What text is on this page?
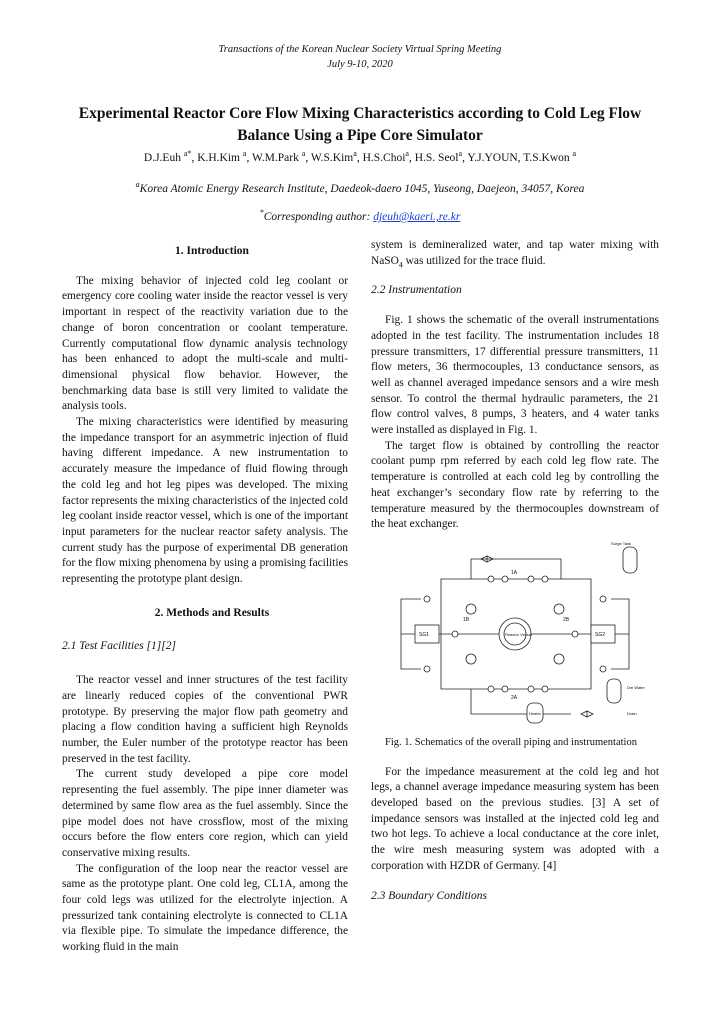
Transactions of the Korean Nuclear Society Virtual Spring Meeting
July 9-10, 2020
Experimental Reactor Core Flow Mixing Characteristics according to Cold Leg Flow Balance Using a Pipe Core Simulator
D.J.Euh $^{a*}$, K.H.Kim $^a$, W.M.Park $^a$, W.S.Kim$^a$, H.S.Choi$^a$, H.S. Seol$^a$, Y.J.YOUN, T.S.Kwon $^a$
$^a$Korea Atomic Energy Research Institute, Daedeok-daero 1045, Yuseong, Daejeon, 34057, Korea
*Corresponding author: djeuh@kaeri.,re.kr

1. Introduction

The mixing behavior of injected cold leg coolant or emergency core cooling water inside the reactor vessel is very important in respect of the reactivity variation due to the change of boron concentration or coolant temperature. Currently computational flow dynamic analysis technology has been enhanced to adopt the multi-scale and multi-dimensional physical flow behavior. However, the benchmarking data base is still very limited to validate the analysis tools.

The mixing characteristics were identified by measuring the impedance transport for an asymmetric injection of fluid having different impedance. A new instrumentation to accurately measure the impedance of fluid flowing through the cold leg and hot leg pipes was developed. The mixing factor represents the mixing characteristics of the injected cold leg coolant inside reactor vessel, which is one of the important input parameters for the nuclear reactor safety analysis. The current study has the purpose of experimental DB generation for the flow mixing phenomena by using a promising facilities representing the prototype plant design.

2. Methods and Results

2.1 Test Facilities [1][2]

The reactor vessel and inner structures of the test facility are linearly reduced copies of the conventional PWR prototype. By preserving the major flow path geometry and placing a flow condition having a sufficient high Reynolds number, the Euler number of the prototype reactor has been preserved in the test facility.

The current study developed a pipe core model representing the fuel assembly. The pipe inner diameter was determined by same flow area as the fuel assembly. Since the pipe model does not have crossflow, most of the mixing occurs before the flow enters core region, which can yield conservative mixing results.

The configuration of the loop near the reactor vessel are same as the prototype plant. One cold leg, CL1A, among the four cold legs was utilized for the electrolyte injection. A pressurized tank containing electrolyte is connected to CL1A via flexible pipe. To simulate the impedance difference, the working fluid in the main

system is demineralized water, and tap water mixing with NaSO$_4$ was utilized for the trace fluid.

2.2 Instrumentation

Fig. 1 shows the schematic of the overall instrumentations adopted in the test facility. The instrumentation includes 18 pressure transmitters, 17 differential pressure transmitters, 11 flow meters, 36 thermocouples, 13 conductance sensors, as well as channel averaged impedance sensors and a wire mesh sensor. To control the thermal hydraulic parameters, the 21 flow control valves, 8 pumps, 3 heaters, and 4 water tanks were installed as displayed in Fig. 1.

The target flow is obtained by controlling the reactor coolant pump rpm referred by each cold leg flow rate. The temperature is controlled at each cold leg by controlling the heat exchanger’s secondary flow rate by referring to the temperature measured by the thermocouples downstream of the heat exchanger.

SG1	SG2
Reactor Vessel
1B	2B
1A
2A
Surge Tank
Heater
Dm Water
Drain

Fig. 1. Schematics of the overall piping and instrumentation

For the impedance measurement at the cold leg and hot legs, a channel average impedance measuring system has been developed based on the previous studies. [3] A set of impedance sensors was installed at the injected cold leg and two hot legs. To achieve a local conductance at the core inlet, the wire mesh measuring system was adopted with a corporation with HZDR of Germany. [4]

2.3 Boundary Conditions
